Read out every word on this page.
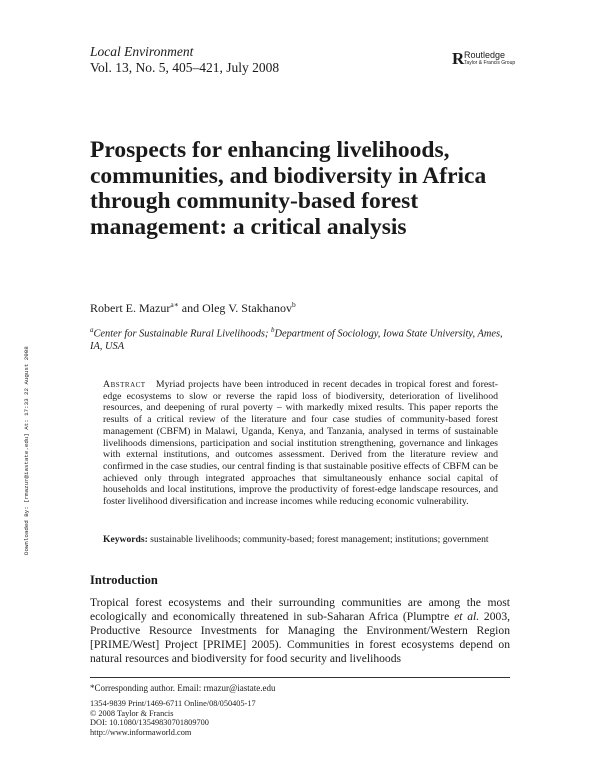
Local Environment
Vol. 13, No. 5, 405–421, July 2008	R Routledge
Taylor & Francis Group
Prospects for enhancing livelihoods, communities, and biodiversity in Africa through community-based forest management: a critical analysis
Downloaded By: [rmazur@iastate.edu] At: 17:33 22 August 2008
Robert E. Mazur$^{a∗}$ and Oleg V. Stakhanov$^b$
$^a$Center for Sustainable Rural Livelihoods; $^b$Department of Sociology, Iowa State University, Ames, IA, USA

Abstract Myriad projects have been introduced in recent decades in tropical forest and forest-edge ecosystems to slow or reverse the rapid loss of biodiversity, deterioration of livelihood resources, and deepening of rural poverty – with markedly mixed results. This paper reports the results of a critical review of the literature and four case studies of community-based forest management (CBFM) in Malawi, Uganda, Kenya, and Tanzania, analysed in terms of sustainable livelihoods dimensions, participation and social institution strengthening, governance and linkages with external institutions, and outcomes assessment. Derived from the literature review and confirmed in the case studies, our central finding is that sustainable positive effects of CBFM can be achieved only through integrated approaches that simultaneously enhance social capital of households and local institutions, improve the productivity of forest-edge landscape resources, and foster livelihood diversification and increase incomes while reducing economic vulnerability.

Keywords: sustainable livelihoods; community-based; forest management; institutions; government

Introduction

Tropical forest ecosystems and their surrounding communities are among the most ecologically and economically threatened in sub-Saharan Africa (Plumptre et al. 2003, Productive Resource Investments for Managing the Environment/Western Region [PRIME/West] Project [PRIME] 2005). Communities in forest ecosystems depend on natural resources and biodiversity for food security and livelihoods

*Corresponding author. Email: rmazur@iastate.edu
1354-9839 Print/1469-6711 Online/08/050405-17
© 2008 Taylor & Francis
DOI: 10.1080/13549830701809700
http://www.informaworld.com
